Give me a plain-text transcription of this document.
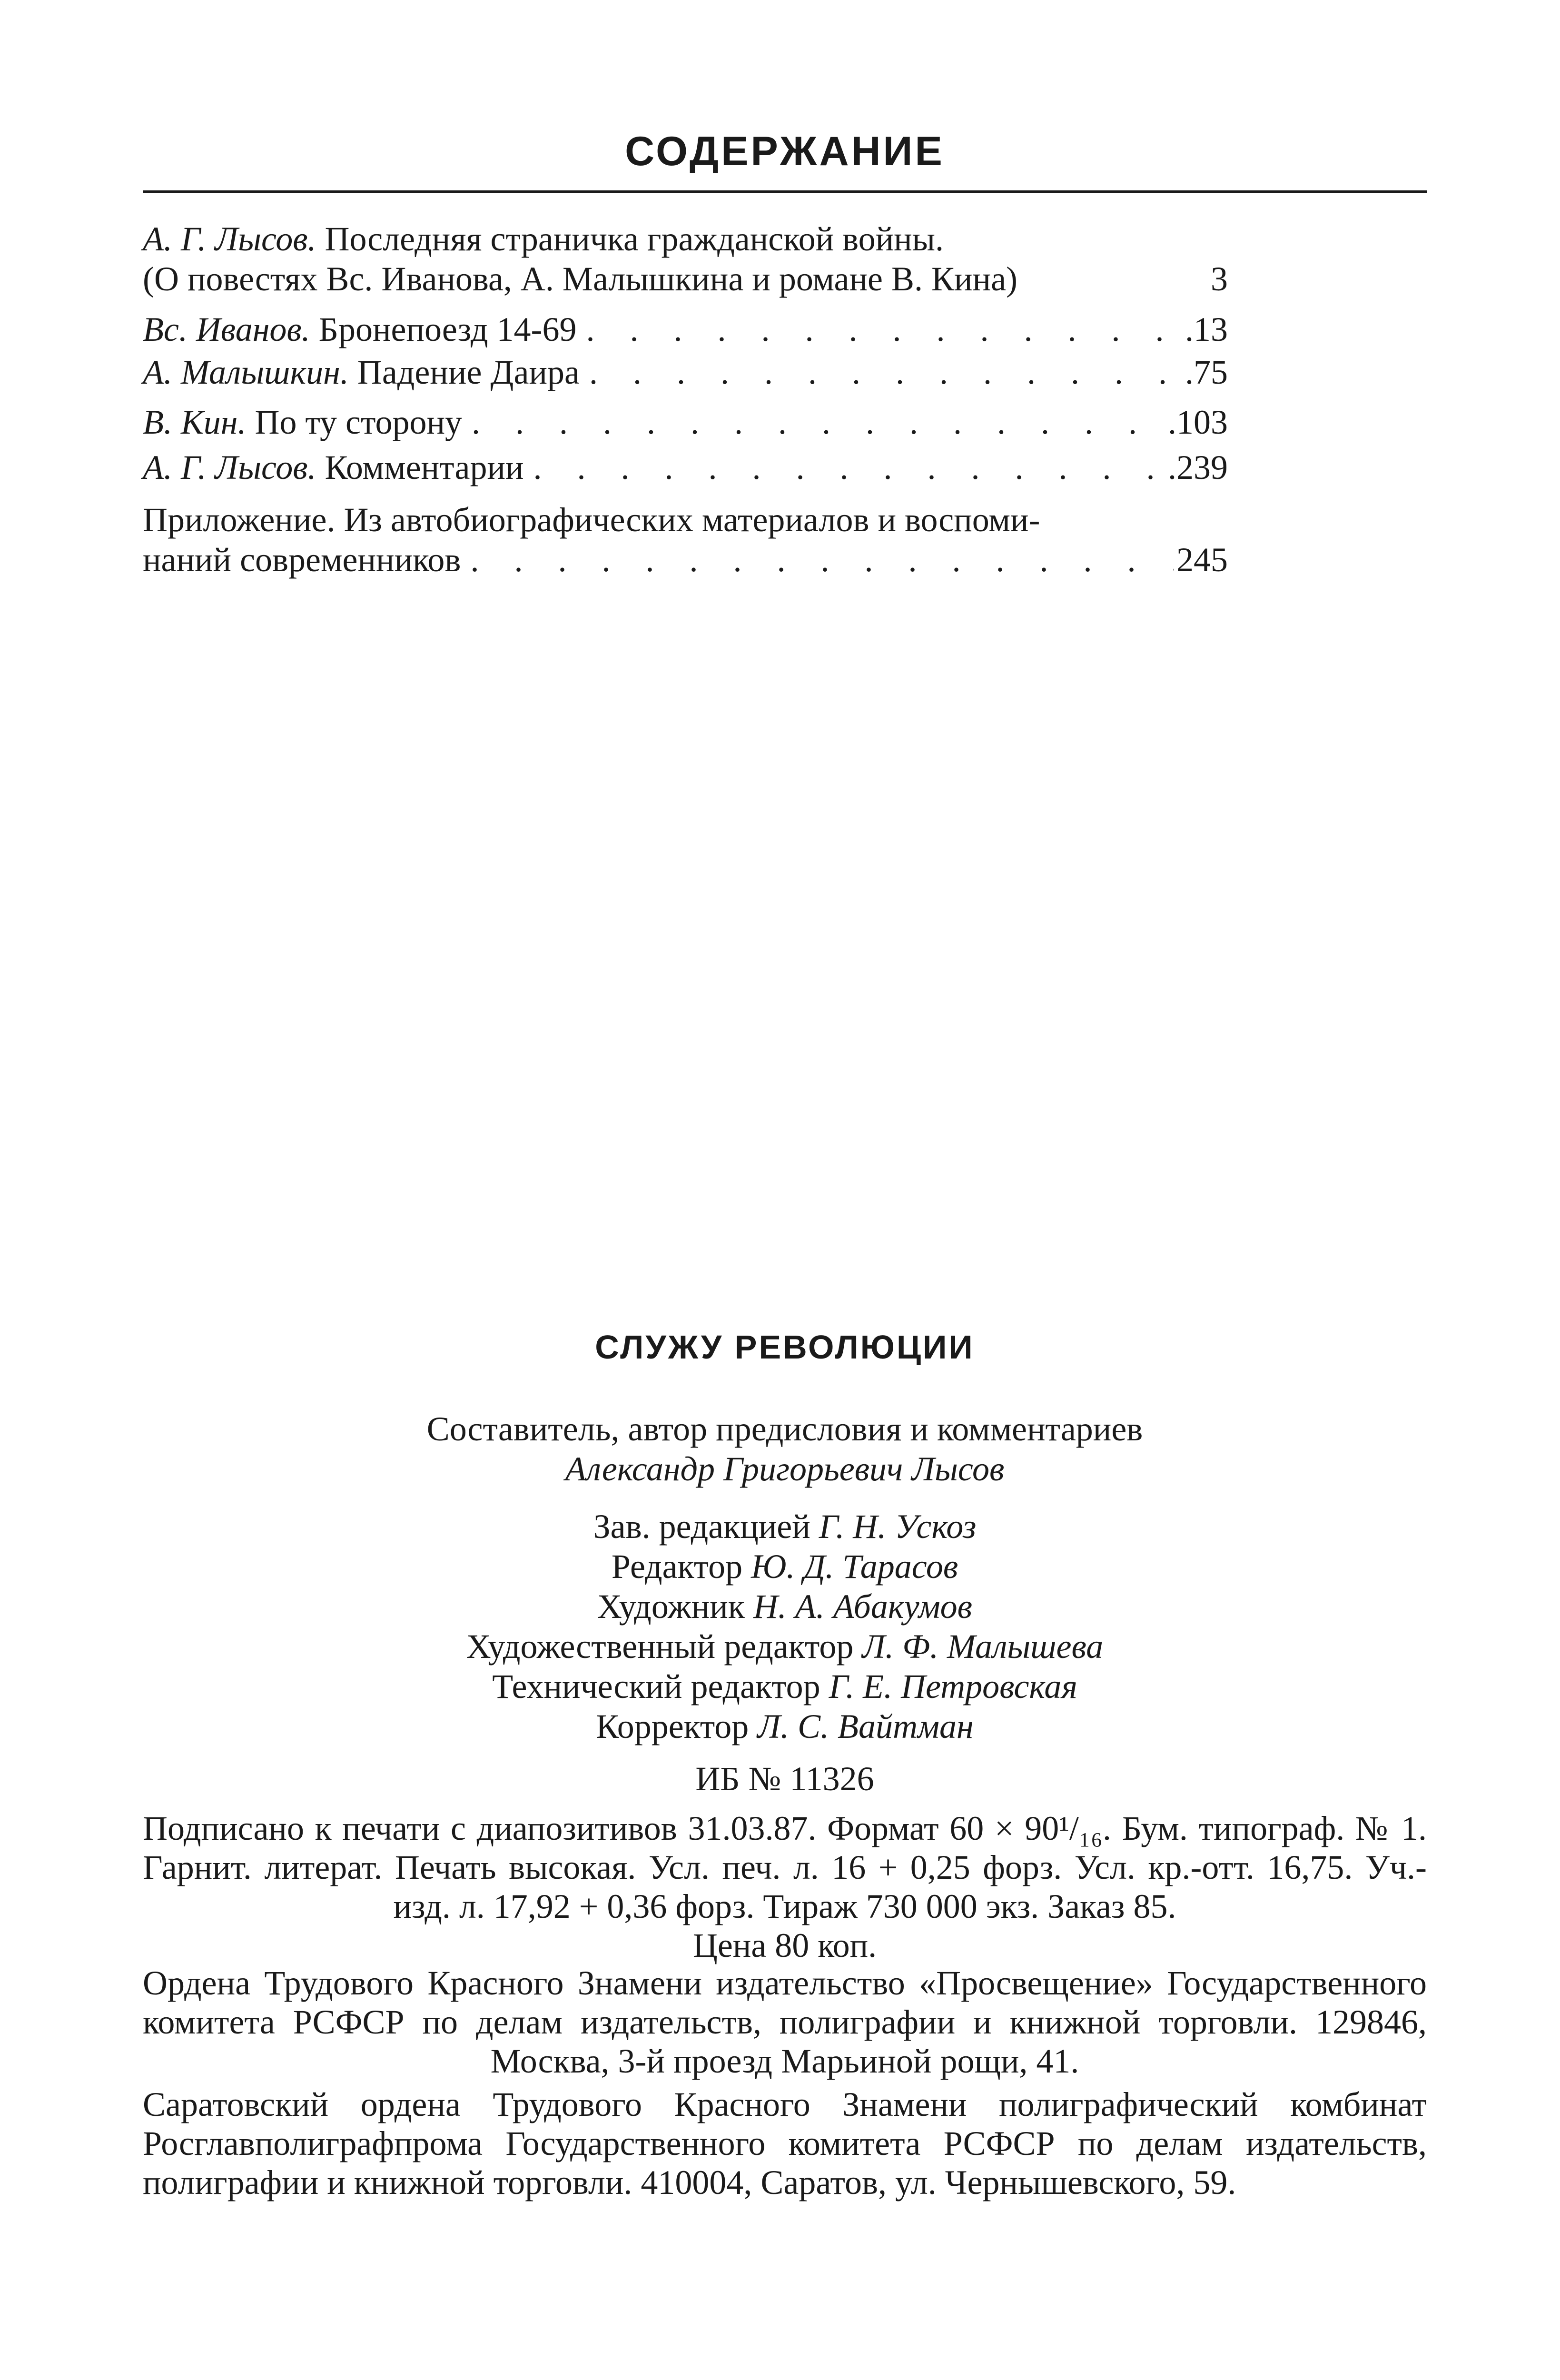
СОДЕРЖАНИЕ
А. Г. Лысов. Последняя страничка гражданской войны.
(О повестях Вс. Иванова, А. Малышкина и романе В. Кина)	3
Вс. Иванов. Бронепоезд 14-69 . . .	.13
А. Малышкин. Падение Даира . . .	.75
В. Кин. По ту сторону . . .	.103
А. Г. Лысов. Комментарии . . .	.239
Приложение. Из автобиографических материалов и воспоми-
наний современников . . .	245
СЛУЖУ РЕВОЛЮЦИИ
Составитель, автор предисловия и комментариев
Александр Григорьевич Лысов
Зав. редакцией Г. Н. Ускоз
Редактор Ю. Д. Тарасов
Художник Н. А. Абакумов
Художественный редактор Л. Ф. Малышева
Технический редактор Г. Е. Петровская
Корректор Л. С. Вайтман
ИБ № 11326
Подписано к печати с диапозитивов 31.03.87. Формат 60 × 90¹/₁₆. Бум. типограф. № 1. Гарнит. литерат. Печать высокая. Усл. печ. л. 16 + 0,25 форз. Усл. кр.-отт. 16,75. Уч.-изд. л. 17,92 + 0,36 форз. Тираж 730 000 экз. Заказ 85.
Цена 80 коп.
Ордена Трудового Красного Знамени издательство «Просвещение» Государственного комитета РСФСР по делам издательств, полиграфии и книжной торговли. 129846, Москва, 3-й проезд Марьиной рощи, 41.
Саратовский ордена Трудового Красного Знамени полиграфический комбинат Росглавполиграфпрома Государственного комитета РСФСР по делам издательств, полиграфии и книжной торговли. 410004, Саратов, ул. Чернышевского, 59.
